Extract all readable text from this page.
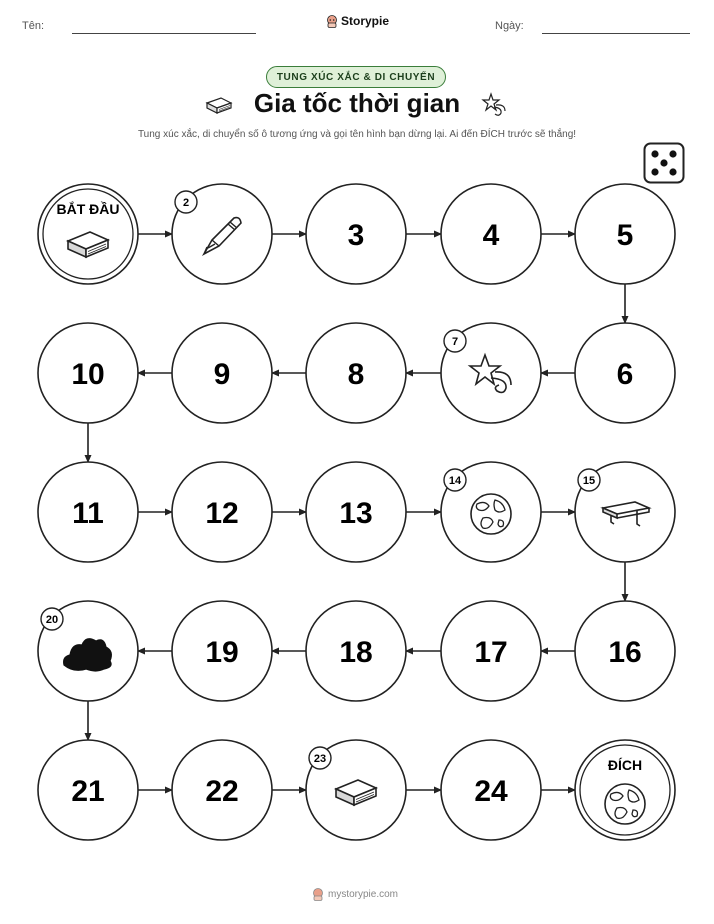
Tên:	Storypie	Ngày:
TUNG XÚC XẮC & DI CHUYỂN
Gia tốc thời gian
Tung xúc xắc, di chuyển số ô tương ứng và gọi tên hình bạn dừng lại. Ai đến ĐÍCH trước sẽ thắng!
BẮT ĐẦU	2
3	4	5
6
7
8
9
10
11	12	13
14	15
16
17
18
19
20
21	22
23
24
ĐÍCH
mystorypie.com
